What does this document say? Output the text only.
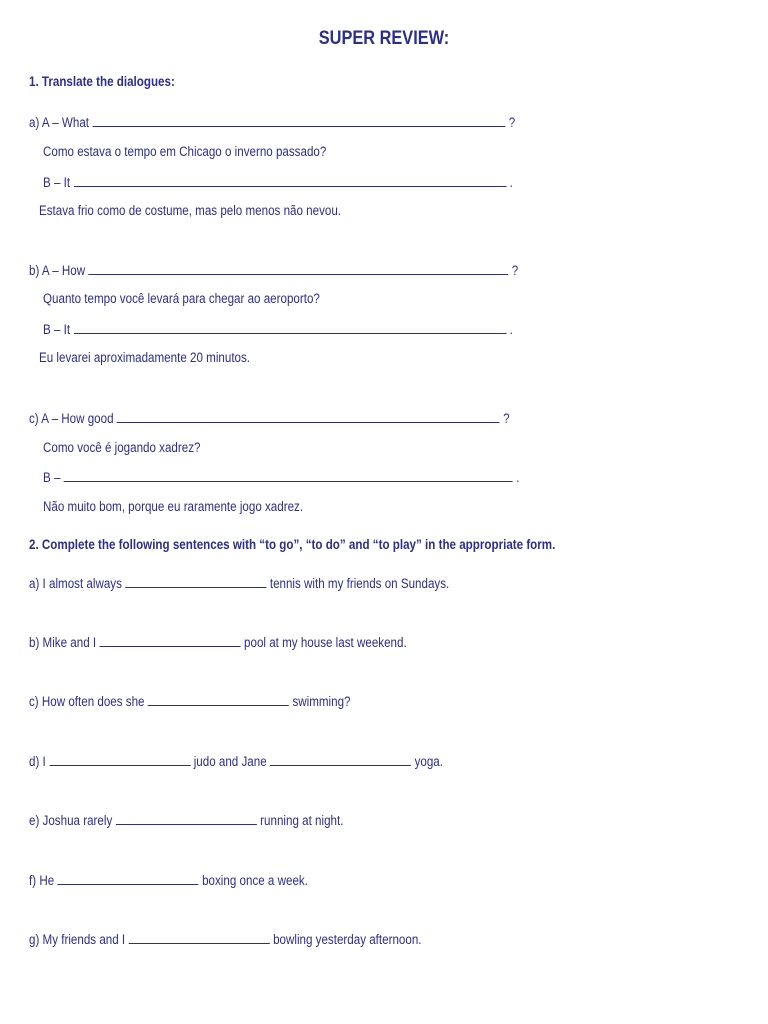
SUPER REVIEW:
1. Translate the dialogues:
a) A – What	?
Como estava o tempo em Chicago o inverno passado?
B – It	.
Estava frio como de costume, mas pelo menos não nevou.
b) A – How	?
Quanto tempo você levará para chegar ao aeroporto?
B – It	.
Eu levarei aproximadamente 20 minutos.
c) A – How good	?
Como você é jogando xadrez?
B –	.
Não muito bom, porque eu raramente jogo xadrez.
2. Complete the following sentences with “to go”, “to do” and “to play” in the appropriate form.
a) I almost always	tennis with my friends on Sundays.
b) Mike and I	pool at my house last weekend.
c) How often does she	swimming?
d) I	judo and Jane	yoga.
e) Joshua rarely	running at night.
f) He	boxing once a week.
g) My friends and I	bowling yesterday afternoon.
